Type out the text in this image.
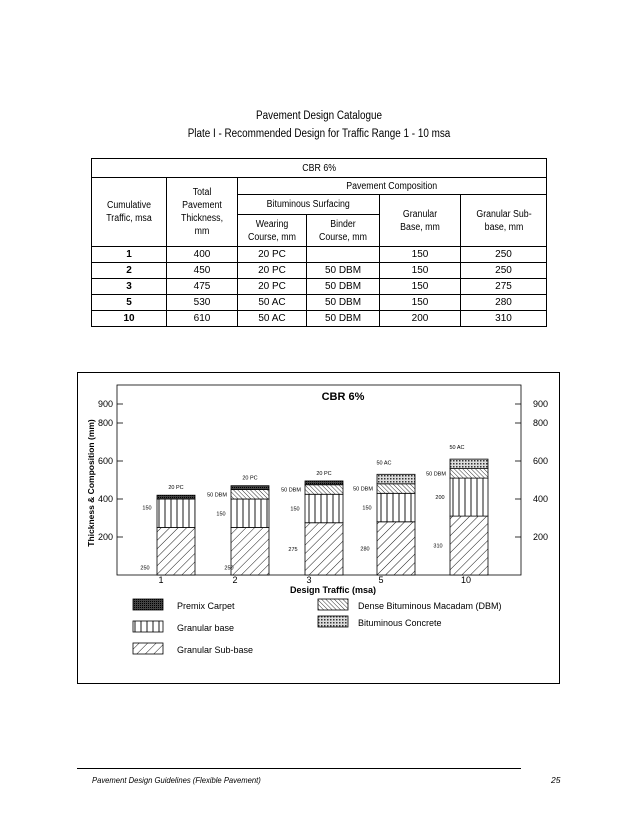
Pavement Design Catalogue
Plate I - Recommended Design for Traffic Range 1 - 10 msa
CBR 6%					
Cumulative Traffic, msa	Total Pavement Thickness, mm	Pavement Composition			
		Bituminous Surfacing		Granular Base, mm	Granular Sub-base, mm
		Wearing Course, mm	Binder Course, mm		
1	400	20 PC		150	250
2	450	20 PC	50 DBM	150	250
3	475	20 PC	50 DBM	150	275
5	530	50 AC	50 DBM	150	280
10	610	50 AC	50 DBM	200	310
CBR 6%
200	200
400	400
600	600
800	800
900	900
Thickness & Composition (mm)
Design Traffic (msa)
1
250
150
20 PC
2
250
150
50 DBM
20 PC
3
275
150
50 DBM
20 PC
5
280
150
50 DBM
50 AC
10
310
200
50 DBM
50 AC
Premix Carpet	Dense Bituminous Macadam (DBM)
Granular base	Bituminous Concrete
Granular Sub-base
Pavement Design Guidelines (Flexible Pavement)	25
